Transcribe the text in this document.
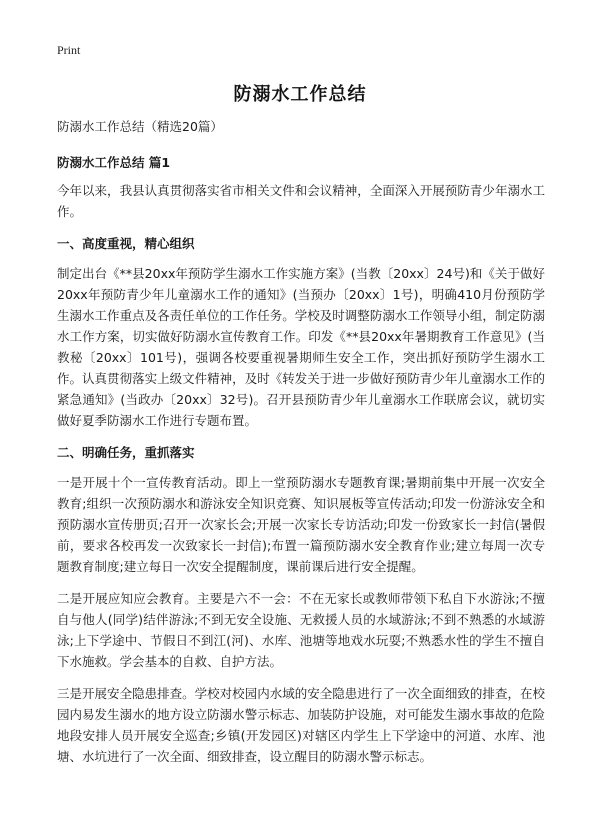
Print
防溺水工作总结

防溺水工作总结（精选20篇）

防溺水工作总结 篇1

今年以来，我县认真贯彻落实省市相关文件和会议精神，全面深入开展预防青少年溺水工作。

一、高度重视，精心组织

制定出台《**县20xx年预防学生溺水工作实施方案》(当教〔20xx〕24号)和《关于做好20xx年预防青少年儿童溺水工作的通知》(当预办〔20xx〕1号)，明确410月份预防学生溺水工作重点及各责任单位的工作任务。学校及时调整防溺水工作领导小组，制定防溺水工作方案，切实做好防溺水宣传教育工作。印发《**县20xx年暑期教育工作意见》(当教秘〔20xx〕101号)，强调各校要重视暑期师生安全工作，突出抓好预防学生溺水工作。认真贯彻落实上级文件精神，及时《转发关于进一步做好预防青少年儿童溺水工作的紧急通知》(当政办〔20xx〕32号)。召开县预防青少年儿童溺水工作联席会议，就切实做好夏季防溺水工作进行专题布置。

二、明确任务，重抓落实

一是开展十个一宣传教育活动。即上一堂预防溺水专题教育课;暑期前集中开展一次安全教育;组织一次预防溺水和游泳安全知识竞赛、知识展板等宣传活动;印发一份游泳安全和预防溺水宣传册页;召开一次家长会;开展一次家长专访活动;印发一份致家长一封信(暑假前，要求各校再发一次致家长一封信);布置一篇预防溺水安全教育作业;建立每周一次专题教育制度;建立每日一次安全提醒制度，课前课后进行安全提醒。

二是开展应知应会教育。主要是六不一会：不在无家长或教师带领下私自下水游泳;不擅自与他人(同学)结伴游泳;不到无安全设施、无救援人员的水域游泳;不到不熟悉的水域游泳;上下学途中、节假日不到江(河)、水库、池塘等地戏水玩耍;不熟悉水性的学生不擅自下水施救。学会基本的自救、自护方法。

三是开展安全隐患排查。学校对校园内水域的安全隐患进行了一次全面细致的排查，在校园内易发生溺水的地方设立防溺水警示标志、加装防护设施，对可能发生溺水事故的危险地段安排人员开展安全巡查;乡镇(开发园区)对辖区内学生上下学途中的河道、水库、池塘、水坑进行了一次全面、细致排查，设立醒目的防溺水警示标志。
